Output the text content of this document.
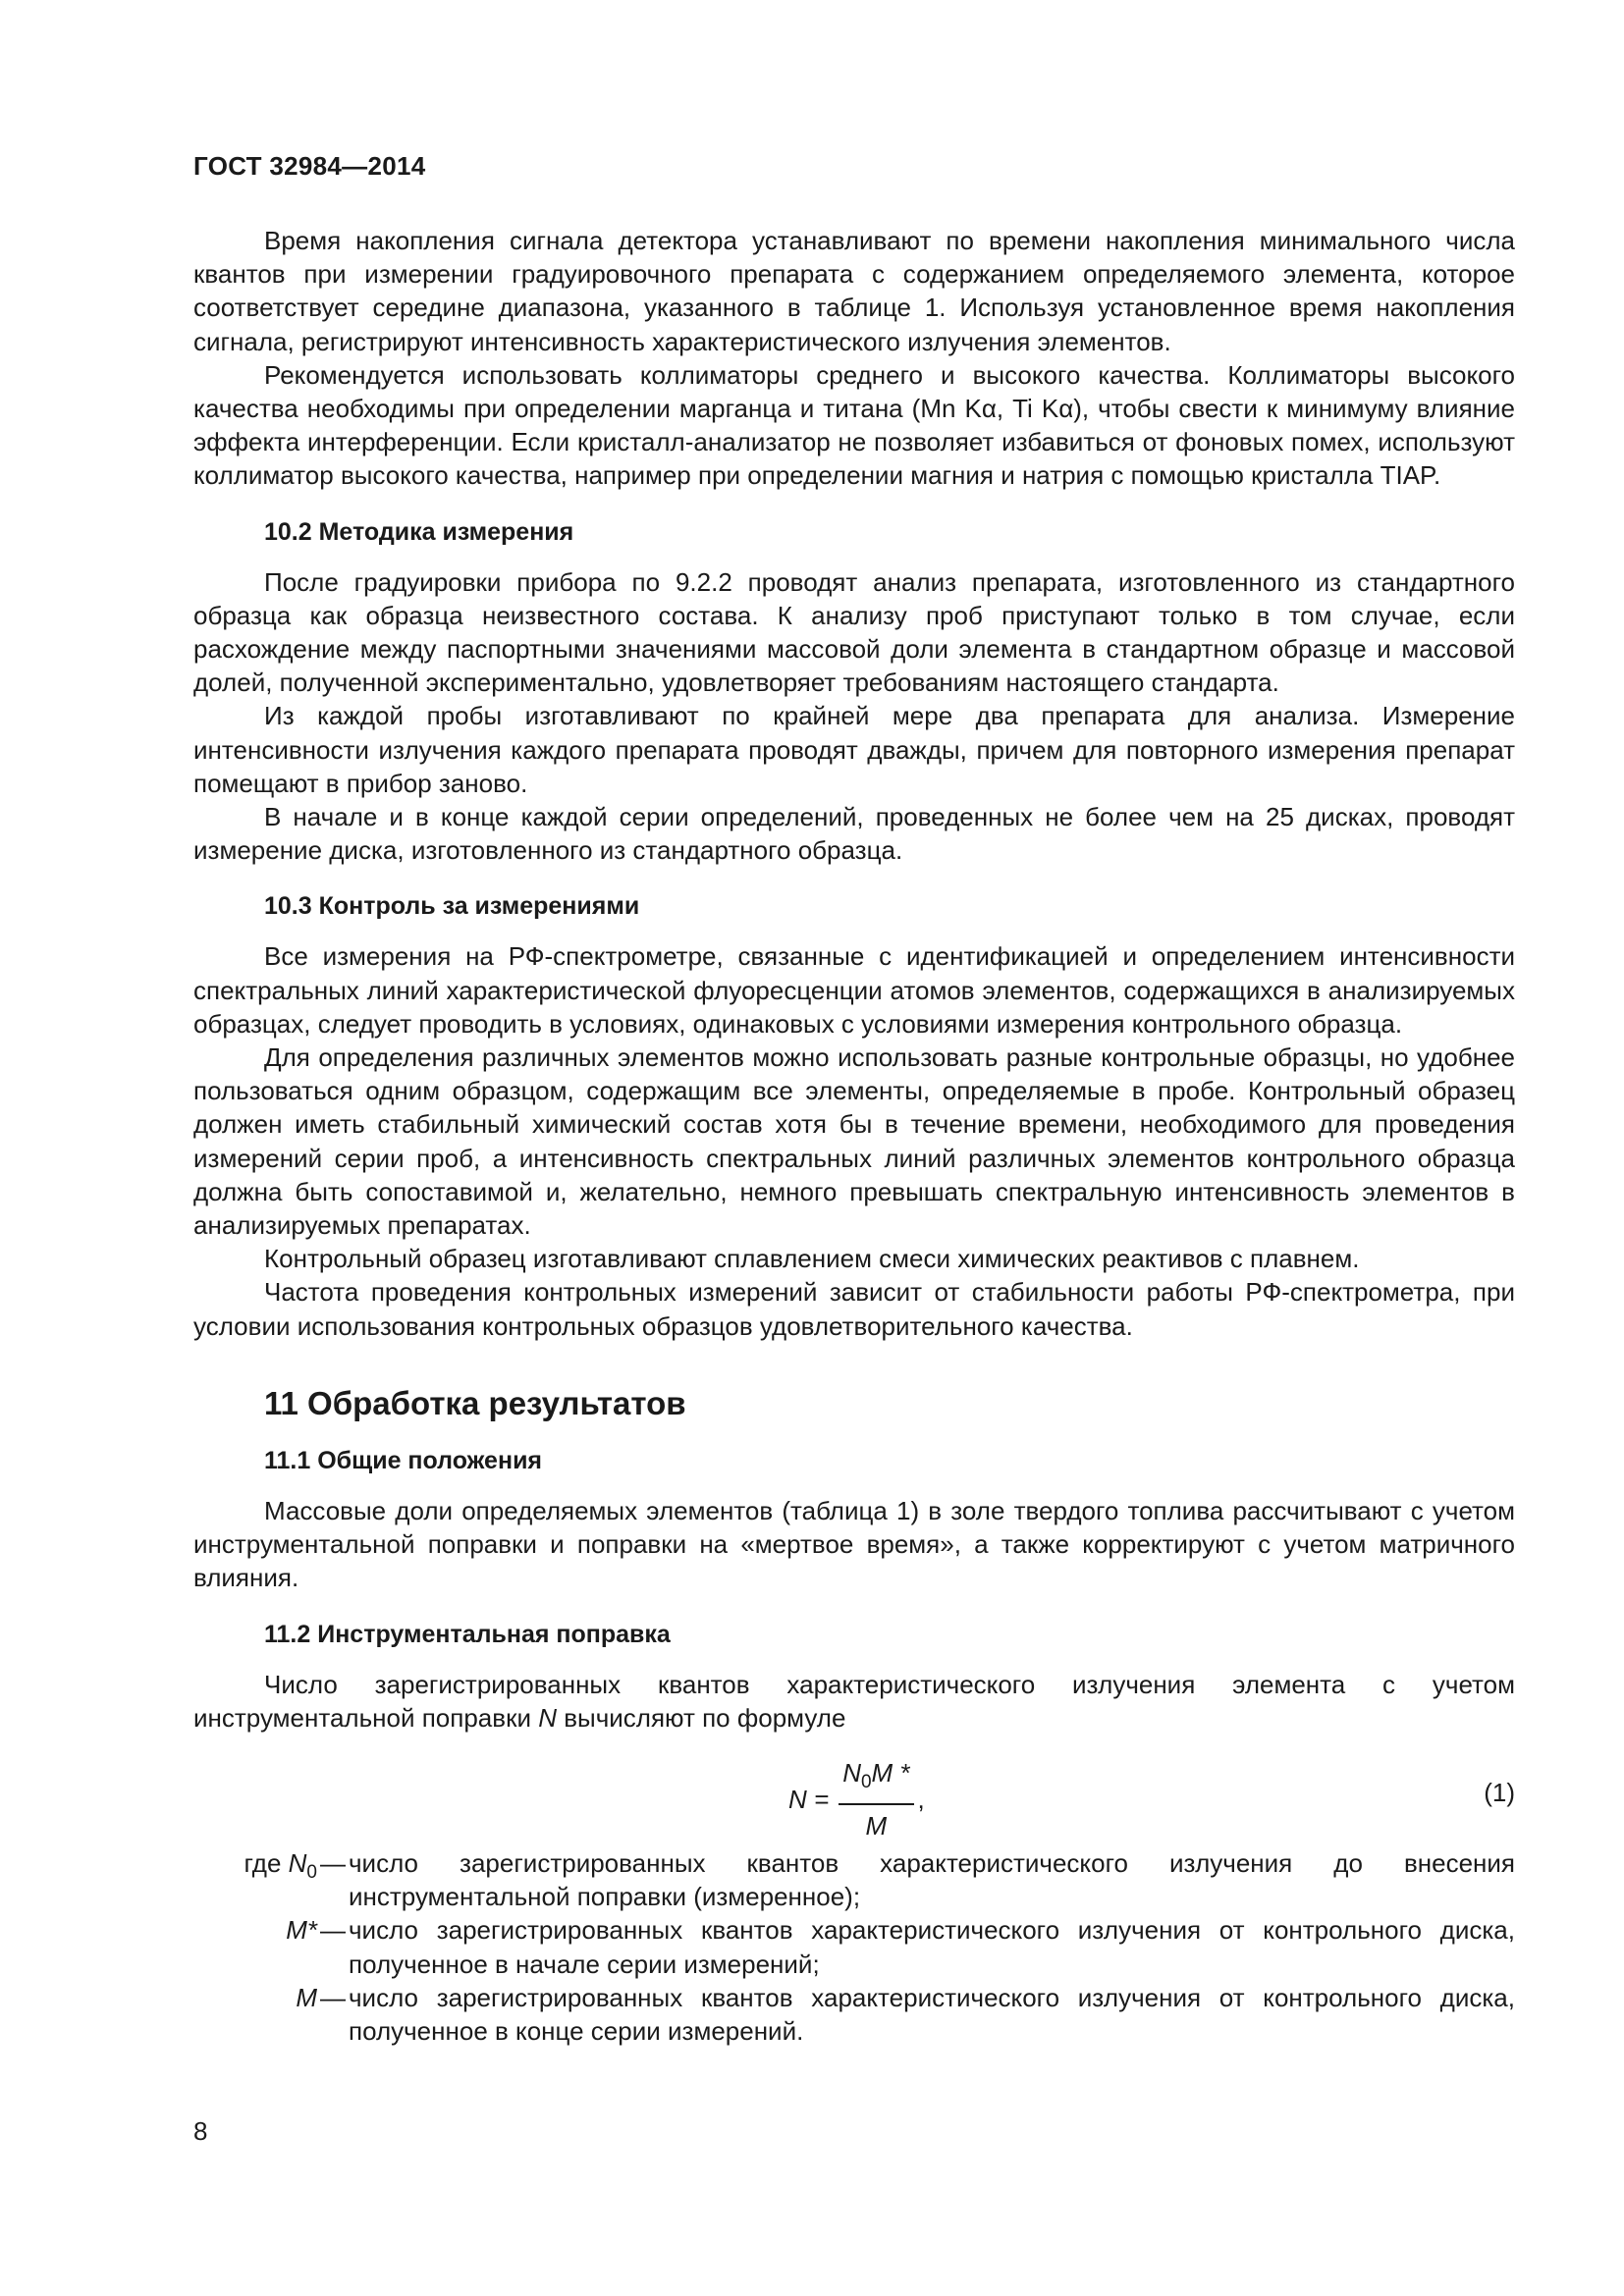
ГОСТ 32984—2014

Время накопления сигнала детектора устанавливают по времени накопления минимального числа квантов при измерении градуировочного препарата с содержанием определяемого элемента, которое соответствует середине диапазона, указанного в таблице 1. Используя установленное время накопления сигнала, регистрируют интенсивность характеристического излучения элементов.

Рекомендуется использовать коллиматоры среднего и высокого качества. Коллиматоры высокого качества необходимы при определении марганца и титана (Mn Kα, Ti Kα), чтобы свести к минимуму влияние эффекта интерференции. Если кристалл-анализатор не позволяет избавиться от фоновых помех, используют коллиматор высокого качества, например при определении магния и натрия с помощью кристалла TIAP.

10.2 Методика измерения

После градуировки прибора по 9.2.2 проводят анализ препарата, изготовленного из стандартного образца как образца неизвестного состава. К анализу проб приступают только в том случае, если расхождение между паспортными значениями массовой доли элемента в стандартном образце и массовой долей, полученной экспериментально, удовлетворяет требованиям настоящего стандарта.

Из каждой пробы изготавливают по крайней мере два препарата для анализа. Измерение интенсивности излучения каждого препарата проводят дважды, причем для повторного измерения препарат помещают в прибор заново.

В начале и в конце каждой серии определений, проведенных не более чем на 25 дисках, проводят измерение диска, изготовленного из стандартного образца.

10.3 Контроль за измерениями

Все измерения на РФ-спектрометре, связанные с идентификацией и определением интенсивности спектральных линий характеристической флуоресценции атомов элементов, содержащихся в анализируемых образцах, следует проводить в условиях, одинаковых с условиями измерения контрольного образца.

Для определения различных элементов можно использовать разные контрольные образцы, но удобнее пользоваться одним образцом, содержащим все элементы, определяемые в пробе. Контрольный образец должен иметь стабильный химический состав хотя бы в течение времени, необходимого для проведения измерений серии проб, а интенсивность спектральных линий различных элементов контрольного образца должна быть сопоставимой и, желательно, немного превышать спектральную интенсивность элементов в анализируемых препаратах.

Контрольный образец изготавливают сплавлением смеси химических реактивов с плавнем.

Частота проведения контрольных измерений зависит от стабильности работы РФ-спектрометра, при условии использования контрольных образцов удовлетворительного качества.

11 Обработка результатов
11.1 Общие положения

Массовые доли определяемых элементов (таблица 1) в золе твердого топлива рассчитывают с учетом инструментальной поправки и поправки на «мертвое время», а также корректируют с учетом матричного влияния.

11.2 Инструментальная поправка

Число зарегистрированных квантов характеристического излучения элемента с учетом инструментальной поправки N вычисляют по формуле

$N = \frac{N_0M *}{M}$ ,	(1)
где $N_0$ — число зарегистрированных квантов характеристического излучения до внесения инструментальной поправки (измеренное);
M* — число зарегистрированных квантов характеристического излучения от контрольного диска, полученное в начале серии измерений;
M — число зарегистрированных квантов характеристического излучения от контрольного диска, полученное в конце серии измерений.
8
